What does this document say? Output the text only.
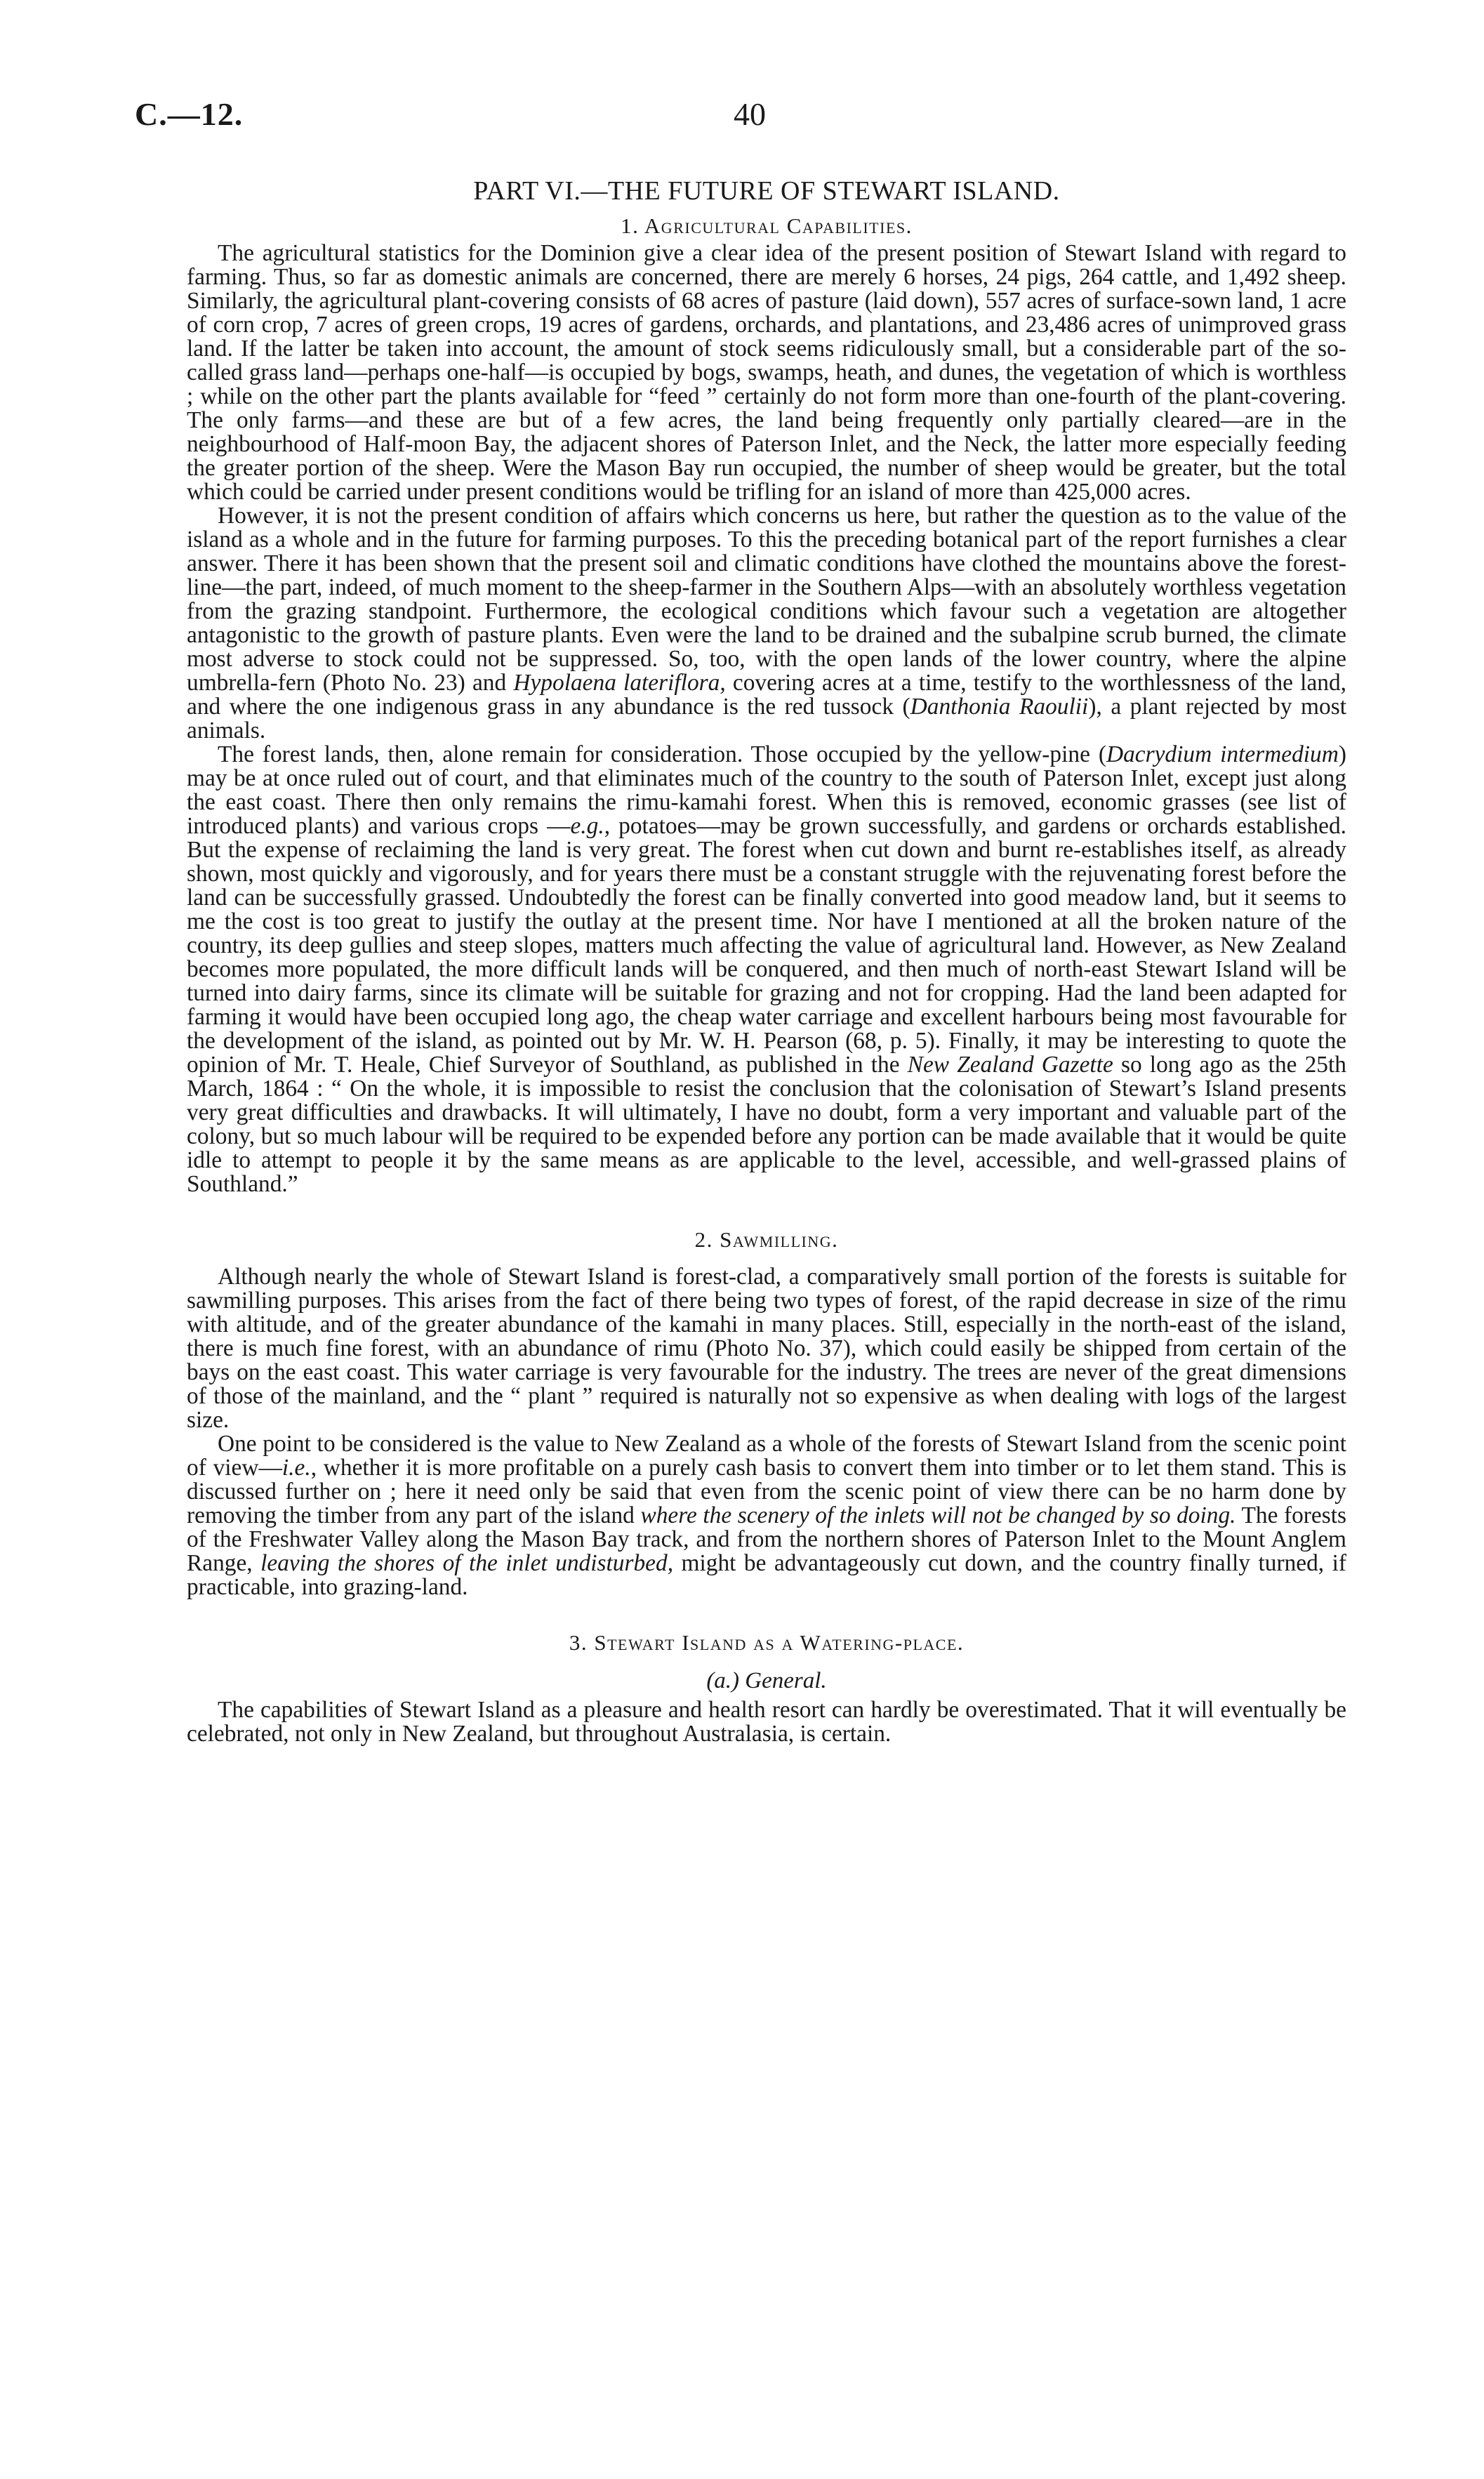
C.—12.	40
PART VI.—THE FUTURE OF STEWART ISLAND.
1. Agricultural Capabilities.

The agricultural statistics for the Dominion give a clear idea of the present position of Stewart Island with regard to farming. Thus, so far as domestic animals are concerned, there are merely 6 horses, 24 pigs, 264 cattle, and 1,492 sheep. Similarly, the agricultural plant-covering consists of 68 acres of pasture (laid down), 557 acres of surface-sown land, 1 acre of corn crop, 7 acres of green crops, 19 acres of gardens, orchards, and plantations, and 23,486 acres of unimproved grass land. If the latter be taken into account, the amount of stock seems ridiculously small, but a considerable part of the so-called grass land—perhaps one-half—is occupied by bogs, swamps, heath, and dunes, the vegetation of which is worthless ; while on the other part the plants available for “feed ” certainly do not form more than one-fourth of the plant-covering. The only farms—and these are but of a few acres, the land being frequently only partially cleared—are in the neighbourhood of Half-moon Bay, the adjacent shores of Paterson Inlet, and the Neck, the latter more especially feeding the greater portion of the sheep. Were the Mason Bay run occupied, the number of sheep would be greater, but the total which could be carried under present conditions would be trifling for an island of more than 425,000 acres.

However, it is not the present condition of affairs which concerns us here, but rather the question as to the value of the island as a whole and in the future for farming purposes. To this the preceding botanical part of the report furnishes a clear answer. There it has been shown that the present soil and climatic conditions have clothed the mountains above the forest-line—the part, indeed, of much moment to the sheep-farmer in the Southern Alps—with an absolutely worthless vegetation from the grazing standpoint. Furthermore, the ecological conditions which favour such a vegetation are altogether antagonistic to the growth of pasture plants. Even were the land to be drained and the subalpine scrub burned, the climate most adverse to stock could not be suppressed. So, too, with the open lands of the lower country, where the alpine umbrella-fern (Photo No. 23) and Hypolaena lateriflora, covering acres at a time, testify to the worthlessness of the land, and where the one indigenous grass in any abundance is the red tussock (Danthonia Raoulii), a plant rejected by most animals.

The forest lands, then, alone remain for consideration. Those occupied by the yellow-pine (Dacrydium intermedium) may be at once ruled out of court, and that eliminates much of the country to the south of Paterson Inlet, except just along the east coast. There then only remains the rimu-kamahi forest. When this is removed, economic grasses (see list of introduced plants) and various crops —e.g., potatoes—may be grown successfully, and gardens or orchards established. But the expense of reclaiming the land is very great. The forest when cut down and burnt re-establishes itself, as already shown, most quickly and vigorously, and for years there must be a constant struggle with the rejuvenating forest before the land can be successfully grassed. Undoubtedly the forest can be finally converted into good meadow land, but it seems to me the cost is too great to justify the outlay at the present time. Nor have I mentioned at all the broken nature of the country, its deep gullies and steep slopes, matters much affecting the value of agricultural land. However, as New Zealand becomes more populated, the more difficult lands will be conquered, and then much of north-east Stewart Island will be turned into dairy farms, since its climate will be suitable for grazing and not for cropping. Had the land been adapted for farming it would have been occupied long ago, the cheap water carriage and excellent harbours being most favourable for the development of the island, as pointed out by Mr. W. H. Pearson (68, p. 5). Finally, it may be interesting to quote the opinion of Mr. T. Heale, Chief Surveyor of Southland, as published in the New Zealand Gazette so long ago as the 25th March, 1864 : “ On the whole, it is impossible to resist the conclusion that the colonisation of Stewart’s Island presents very great difficulties and drawbacks. It will ultimately, I have no doubt, form a very important and valuable part of the colony, but so much labour will be required to be expended before any portion can be made available that it would be quite idle to attempt to people it by the same means as are applicable to the level, accessible, and well-grassed plains of Southland.”

2. Sawmilling.

Although nearly the whole of Stewart Island is forest-clad, a comparatively small portion of the forests is suitable for sawmilling purposes. This arises from the fact of there being two types of forest, of the rapid decrease in size of the rimu with altitude, and of the greater abundance of the kamahi in many places. Still, especially in the north-east of the island, there is much fine forest, with an abundance of rimu (Photo No. 37), which could easily be shipped from certain of the bays on the east coast. This water carriage is very favourable for the industry. The trees are never of the great dimensions of those of the mainland, and the “ plant ” required is naturally not so expensive as when dealing with logs of the largest size.

One point to be considered is the value to New Zealand as a whole of the forests of Stewart Island from the scenic point of view—i.e., whether it is more profitable on a purely cash basis to convert them into timber or to let them stand. This is discussed further on ; here it need only be said that even from the scenic point of view there can be no harm done by removing the timber from any part of the island where the scenery of the inlets will not be changed by so doing. The forests of the Freshwater Valley along the Mason Bay track, and from the northern shores of Paterson Inlet to the Mount Anglem Range, leaving the shores of the inlet undisturbed, might be advantageously cut down, and the country finally turned, if practicable, into grazing-land.

3. Stewart Island as a Watering-place.
(a.) General.

The capabilities of Stewart Island as a pleasure and health resort can hardly be overestimated. That it will eventually be celebrated, not only in New Zealand, but throughout Australasia, is certain.
